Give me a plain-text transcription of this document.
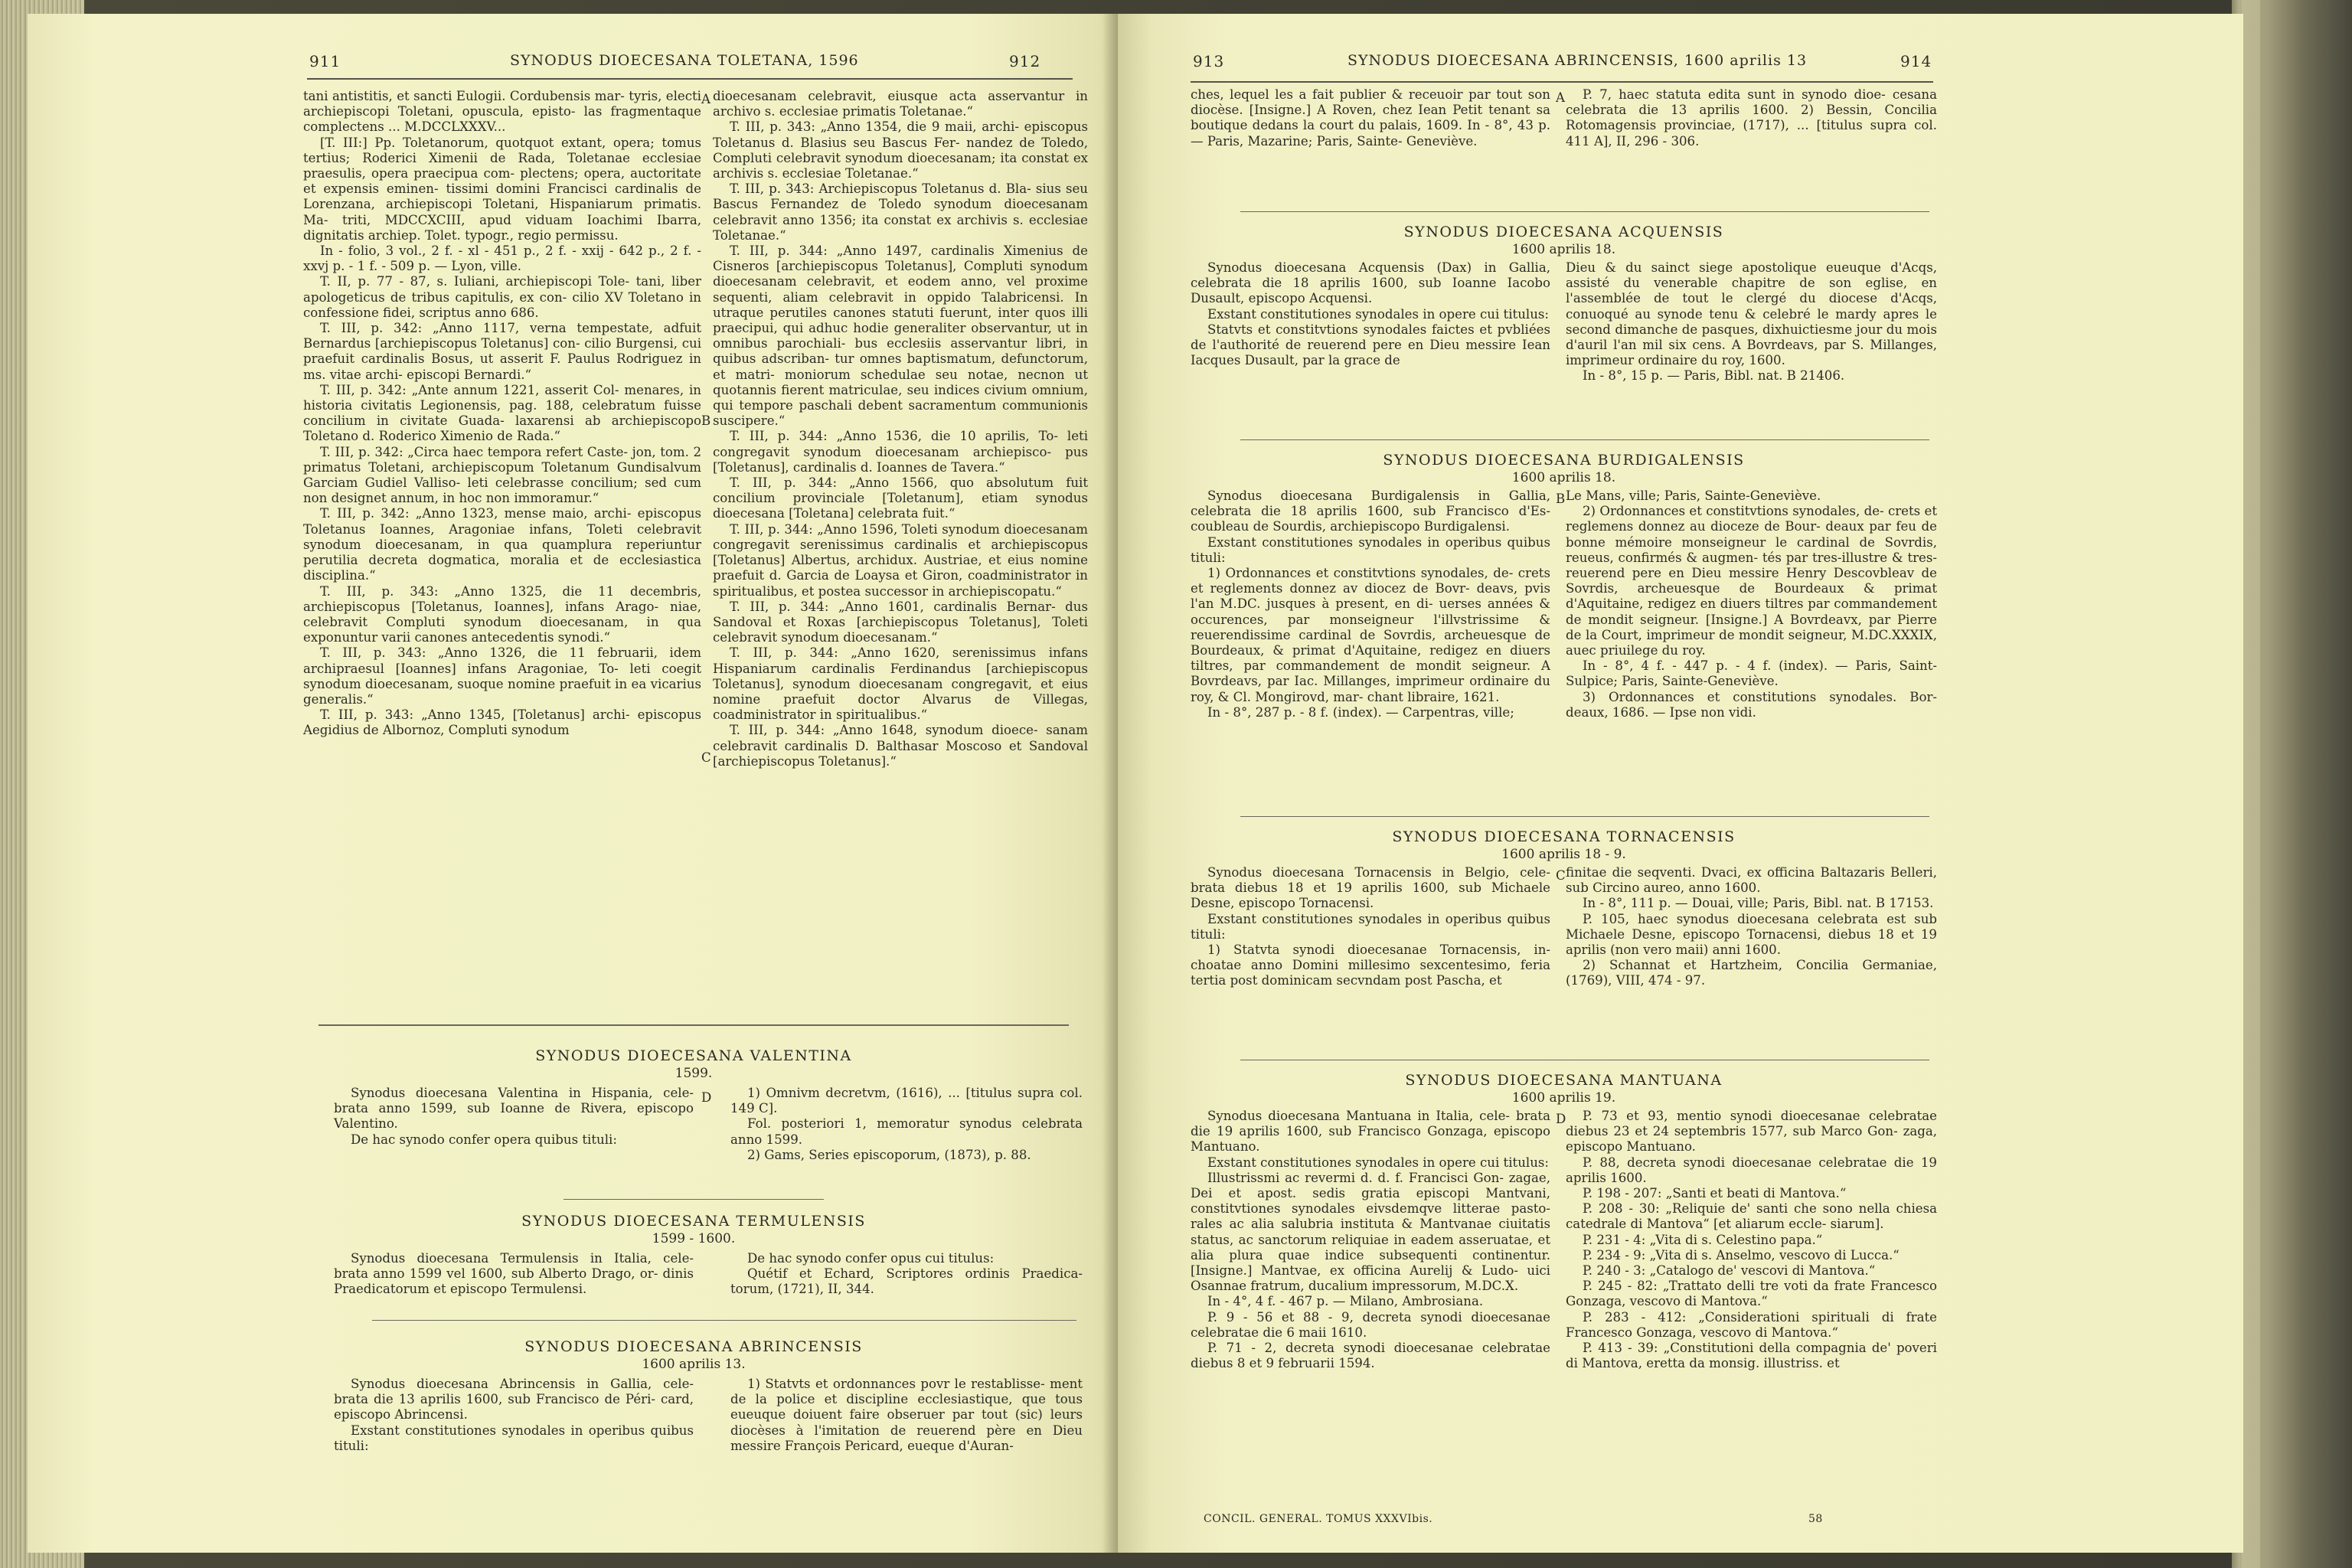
911	SYNODUS DIOECESANA TOLETANA, 1596	912

tani antistitis, et sancti Eulogii. Cordubensis mar- tyris, electi archiepiscopi Toletani, opuscula, episto- las fragmentaque complectens ... M.DCCLXXXV...

[T. III:] Pp. Toletanorum, quotquot extant, opera; tomus tertius; Roderici Ximenii de Rada, Toletanae ecclesiae praesulis, opera praecipua com- plectens; opera, auctoritate et expensis eminen- tissimi domini Francisci cardinalis de Lorenzana, archiepiscopi Toletani, Hispaniarum primatis. Ma- triti, MDCCXCIII, apud viduam Ioachimi Ibarra, dignitatis archiep. Tolet. typogr., regio permissu.

In - folio, 3 vol., 2 f. - xl - 451 p., 2 f. - xxij - 642 p., 2 f. - xxvj p. - 1 f. - 509 p. — Lyon, ville.

T. II, p. 77 - 87, s. Iuliani, archiepiscopi Tole- tani, liber apologeticus de tribus capitulis, ex con- cilio XV Toletano in confessione fidei, scriptus anno 686.

T. III, p. 342: „Anno 1117, verna tempestate, adfuit Bernardus [archiepiscopus Toletanus] con- cilio Burgensi, cui praefuit cardinalis Bosus, ut asserit F. Paulus Rodriguez in ms. vitae archi- episcopi Bernardi.“

T. III, p. 342: „Ante annum 1221, asserit Col- menares, in historia civitatis Legionensis, pag. 188, celebratum fuisse concilium in civitate Guada- laxarensi ab archiepiscopo Toletano d. Roderico Ximenio de Rada.“

T. III, p. 342: „Circa haec tempora refert Caste- jon, tom. 2 primatus Toletani, archiepiscopum Toletanum Gundisalvum Garciam Gudiel Valliso- leti celebrasse concilium; sed cum non designet annum, in hoc non immoramur.“

T. III, p. 342: „Anno 1323, mense maio, archi- episcopus Toletanus Ioannes, Aragoniae infans, Toleti celebravit synodum dioecesanam, in qua quamplura reperiuntur perutilia decreta dogmatica, moralia et de ecclesiastica disciplina.“

T. III, p. 343: „Anno 1325, die 11 decembris, archiepiscopus [Toletanus, Ioannes], infans Arago- niae, celebravit Compluti synodum dioecesanam, in qua exponuntur varii canones antecedentis synodi.“

T. III, p. 343: „Anno 1326, die 11 februarii, idem archipraesul [Ioannes] infans Aragoniae, To- leti coegit synodum dioecesanam, suoque nomine praefuit in ea vicarius generalis.“

T. III, p. 343: „Anno 1345, [Toletanus] archi- episcopus Aegidius de Albornoz, Compluti synodum

dioecesanam celebravit, eiusque acta asservantur in archivo s. ecclesiae primatis Toletanae.“

T. III, p. 343: „Anno 1354, die 9 maii, archi- episcopus Toletanus d. Blasius seu Bascus Fer- nandez de Toledo, Compluti celebravit synodum dioecesanam; ita constat ex archivis s. ecclesiae Toletanae.“

T. III, p. 343: Archiepiscopus Toletanus d. Bla- sius seu Bascus Fernandez de Toledo synodum dioecesanam celebravit anno 1356; ita constat ex archivis s. ecclesiae Toletanae.“

T. III, p. 344: „Anno 1497, cardinalis Ximenius de Cisneros [archiepiscopus Toletanus], Compluti synodum dioecesanam celebravit, et eodem anno, vel proxime sequenti, aliam celebravit in oppido Talabricensi. In utraque perutiles canones statuti fuerunt, inter quos illi praecipui, qui adhuc hodie generaliter observantur, ut in omnibus parochiali- bus ecclesiis asservantur libri, in quibus adscriban- tur omnes baptismatum, defunctorum, et matri- moniorum schedulae seu notae, necnon ut quotannis fierent matriculae, seu indices civium omnium, qui tempore paschali debent sacramentum communionis suscipere.“

T. III, p. 344: „Anno 1536, die 10 aprilis, To- leti congregavit synodum dioecesanam archiepisco- pus [Toletanus], cardinalis d. Ioannes de Tavera.“

T. III, p. 344: „Anno 1566, quo absolutum fuit concilium provinciale [Toletanum], etiam synodus dioecesana [Toletana] celebrata fuit.“

T. III, p. 344: „Anno 1596, Toleti synodum dioecesanam congregavit serenissimus cardinalis et archiepiscopus [Toletanus] Albertus, archidux. Austriae, et eius nomine praefuit d. Garcia de Loaysa et Giron, coadministrator in spiritualibus, et postea successor in archiepiscopatu.“

T. III, p. 344: „Anno 1601, cardinalis Bernar- dus Sandoval et Roxas [archiepiscopus Toletanus], Toleti celebravit synodum dioecesanam.“

T. III, p. 344: „Anno 1620, serenissimus infans Hispaniarum cardinalis Ferdinandus [archiepiscopus Toletanus], synodum dioecesanam congregavit, et eius nomine praefuit doctor Alvarus de Villegas, coadministrator in spiritualibus.“

T. III, p. 344: „Anno 1648, synodum dioece- sanam celebravit cardinalis D. Balthasar Moscoso et Sandoval [archiepiscopus Toletanus].“

A
B
C
D
SYNODUS DIOECESANA VALENTINA
1599.

Synodus dioecesana Valentina in Hispania, cele- brata anno 1599, sub Ioanne de Rivera, episcopo Valentino.

De hac synodo confer opera quibus tituli:

1) Omnivm decretvm, (1616), ... [titulus supra col. 149 C].

Fol. posteriori 1, memoratur synodus celebrata anno 1599.

2) Gams, Series episcoporum, (1873), p. 88.

SYNODUS DIOECESANA TERMULENSIS
1599 - 1600.

Synodus dioecesana Termulensis in Italia, cele- brata anno 1599 vel 1600, sub Alberto Drago, or- dinis Praedicatorum et episcopo Termulensi.

De hac synodo confer opus cui titulus:

Quétif et Echard, Scriptores ordinis Praedica- torum, (1721), II, 344.

SYNODUS DIOECESANA ABRINCENSIS
1600 aprilis 13.

Synodus dioecesana Abrincensis in Gallia, cele- brata die 13 aprilis 1600, sub Francisco de Péri- card, episcopo Abrincensi.

Exstant constitutiones synodales in operibus quibus tituli:

1) Statvts et ordonnances povr le restablisse- ment de la police et discipline ecclesiastique, que tous eueuque doiuent faire obseruer par tout (sic) leurs diocèses à l'imitation de reuerend père en Dieu messire François Pericard, eueque d'Auran-

913	SYNODUS DIOECESANA ABRINCENSIS, 1600 aprilis 13	914

ches, lequel les a fait publier & receuoir par tout son diocèse. [Insigne.] A Roven, chez Iean Petit tenant sa boutique dedans la court du palais, 1609. In - 8°, 43 p. — Paris, Mazarine; Paris, Sainte- Geneviève.

P. 7, haec statuta edita sunt in synodo dioe- cesana celebrata die 13 aprilis 1600. 2) Bessin, Concilia Rotomagensis provinciae, (1717), ... [titulus supra col. 411 A], II, 296 - 306.

SYNODUS DIOECESANA ACQUENSIS
1600 aprilis 18.

Synodus dioecesana Acquensis (Dax) in Gallia, celebrata die 18 aprilis 1600, sub Ioanne Iacobo Dusault, episcopo Acquensi.

Exstant constitutiones synodales in opere cui titulus:

Statvts et constitvtions synodales faictes et pvbliées de l'authorité de reuerend pere en Dieu messire Iean Iacques Dusault, par la grace de

Dieu & du sainct siege apostolique eueuque d'Acqs, assisté du venerable chapitre de son eglise, en l'assemblée de tout le clergé du diocese d'Acqs, conuoqué au synode tenu & celebré le mardy apres le second dimanche de pasques, dixhuictiesme jour du mois d'auril l'an mil six cens. A Bovrdeavs, par S. Millanges, imprimeur ordinaire du roy, 1600.

In - 8°, 15 p. — Paris, Bibl. nat. B 21406.

SYNODUS DIOECESANA BURDIGALENSIS
1600 aprilis 18.

Synodus dioecesana Burdigalensis in Gallia, celebrata die 18 aprilis 1600, sub Francisco d'Es- coubleau de Sourdis, archiepiscopo Burdigalensi.

Exstant constitutiones synodales in operibus quibus tituli:

1) Ordonnances et constitvtions synodales, de- crets et reglements donnez av diocez de Bovr- deavs, pvis l'an M.DC. jusques à present, en di- uerses années & occurences, par monseigneur l'illvstrissime & reuerendissime cardinal de Sovrdis, archeuesque de Bourdeaux, & primat d'Aquitaine, redigez en diuers tiltres, par commandement de mondit seigneur. A Bovrdeavs, par Iac. Millanges, imprimeur ordinaire du roy, & Cl. Mongirovd, mar- chant libraire, 1621.

In - 8°, 287 p. - 8 f. (index). — Carpentras, ville;

Le Mans, ville; Paris, Sainte-Geneviève.

2) Ordonnances et constitvtions synodales, de- crets et reglemens donnez au dioceze de Bour- deaux par feu de bonne mémoire monseigneur le cardinal de Sovrdis, reueus, confirmés & augmen- tés par tres-illustre & tres-reuerend pere en Dieu messire Henry Descovbleav de Sovrdis, archeuesque de Bourdeaux & primat d'Aquitaine, redigez en diuers tiltres par commandement de mondit seigneur. [Insigne.] A Bovrdeavx, par Pierre de la Court, imprimeur de mondit seigneur, M.DC.XXXIX, auec priuilege du roy.

In - 8°, 4 f. - 447 p. - 4 f. (index). — Paris, Saint- Sulpice; Paris, Sainte-Geneviève.

3) Ordonnances et constitutions synodales. Bor- deaux, 1686. — Ipse non vidi.

SYNODUS DIOECESANA TORNACENSIS
1600 aprilis 18 - 9.

Synodus dioecesana Tornacensis in Belgio, cele- brata diebus 18 et 19 aprilis 1600, sub Michaele Desne, episcopo Tornacensi.

Exstant constitutiones synodales in operibus quibus tituli:

1) Statvta synodi dioecesanae Tornacensis, in- choatae anno Domini millesimo sexcentesimo, feria tertia post dominicam secvndam post Pascha, et

finitae die seqventi. Dvaci, ex officina Baltazaris Belleri, sub Circino aureo, anno 1600.

In - 8°, 111 p. — Douai, ville; Paris, Bibl. nat. B 17153.

P. 105, haec synodus dioecesana celebrata est sub Michaele Desne, episcopo Tornacensi, diebus 18 et 19 aprilis (non vero maii) anni 1600.

2) Schannat et Hartzheim, Concilia Germaniae, (1769), VIII, 474 - 97.

SYNODUS DIOECESANA MANTUANA
1600 aprilis 19.

Synodus dioecesana Mantuana in Italia, cele- brata die 19 aprilis 1600, sub Francisco Gonzaga, episcopo Mantuano.

Exstant constitutiones synodales in opere cui titulus:

Illustrissmi ac revermi d. d. f. Francisci Gon- zagae, Dei et apost. sedis gratia episcopi Mantvani, constitvtiones synodales eivsdemqve litterae pasto- rales ac alia salubria instituta & Mantvanae ciuitatis status, ac sanctorum reliquiae in eadem asseruatae, et alia plura quae indice subsequenti continentur. [Insigne.] Mantvae, ex officina Aurelij & Ludo- uici Osannae fratrum, ducalium impressorum, M.DC.X.

In - 4°, 4 f. - 467 p. — Milano, Ambrosiana.

P. 9 - 56 et 88 - 9, decreta synodi dioecesanae celebratae die 6 maii 1610.

P. 71 - 2, decreta synodi dioecesanae celebratae diebus 8 et 9 februarii 1594.

P. 73 et 93, mentio synodi dioecesanae celebratae diebus 23 et 24 septembris 1577, sub Marco Gon- zaga, episcopo Mantuano.

P. 88, decreta synodi dioecesanae celebratae die 19 aprilis 1600.

P. 198 - 207: „Santi et beati di Mantova.“

P. 208 - 30: „Reliquie de' santi che sono nella chiesa catedrale di Mantova“ [et aliarum eccle- siarum].

P. 231 - 4: „Vita di s. Celestino papa.“

P. 234 - 9: „Vita di s. Anselmo, vescovo di Lucca.“

P. 240 - 3: „Catalogo de' vescovi di Mantova.“

P. 245 - 82: „Trattato delli tre voti da frate Francesco Gonzaga, vescovo di Mantova.“

P. 283 - 412: „Considerationi spirituali di frate Francesco Gonzaga, vescovo di Mantova.“

P. 413 - 39: „Constitutioni della compagnia de' poveri di Mantova, eretta da monsig. illustriss. et

A
B
C
D
CONCIL. GENERAL. TOMUS XXXVIbis.	58
